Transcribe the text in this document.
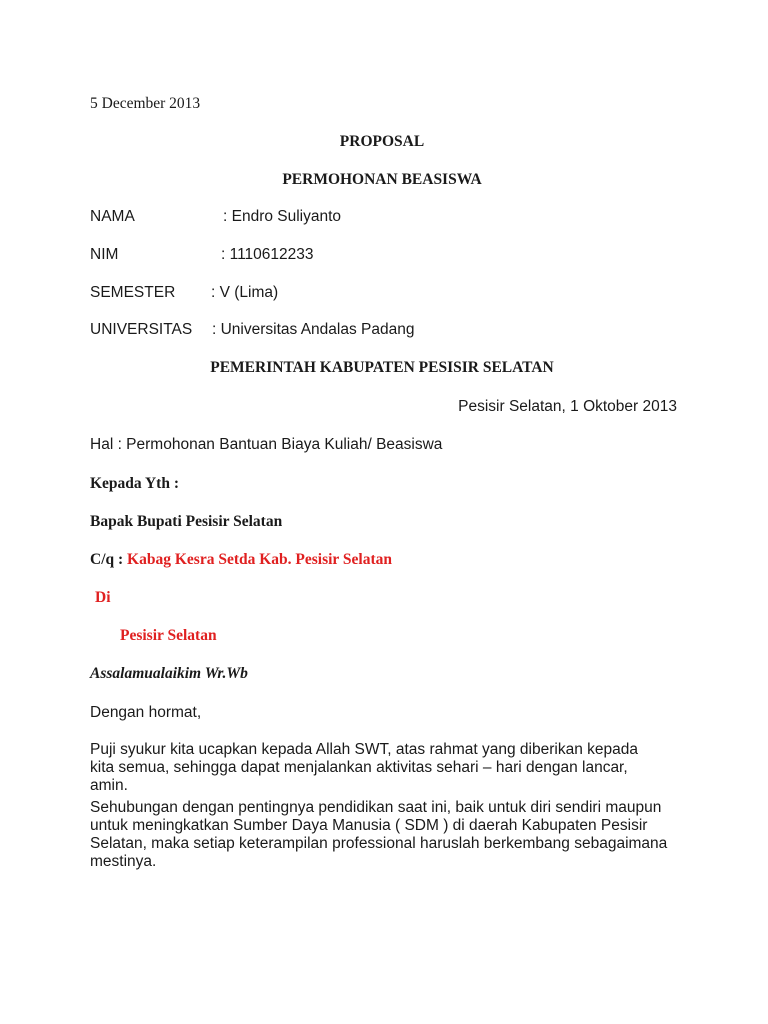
5 December 2013
PROPOSAL
PERMOHONAN BEASISWA
NAMA	: Endro Suliyanto
NIM	: 1110612233
SEMESTER : V (Lima)
UNIVERSITAS : Universitas Andalas Padang
PEMERINTAH KABUPATEN PESISIR SELATAN
Pesisir Selatan, 1 Oktober 2013
Hal : Permohonan Bantuan Biaya Kuliah/ Beasiswa
Kepada Yth :
Bapak Bupati Pesisir Selatan
C/q : Kabag Kesra Setda Kab. Pesisir Selatan
Di
Pesisir Selatan
Assalamualaikim Wr.Wb
Dengan hormat,
Puji syukur kita ucapkan kepada Allah SWT, atas rahmat yang diberikan kepada kita semua, sehingga dapat menjalankan aktivitas sehari – hari dengan lancar, amin.
Sehubungan dengan pentingnya pendidikan saat ini, baik untuk diri sendiri maupun untuk meningkatkan Sumber Daya Manusia ( SDM ) di daerah Kabupaten Pesisir Selatan, maka setiap keterampilan professional haruslah berkembang sebagaimana mestinya.
